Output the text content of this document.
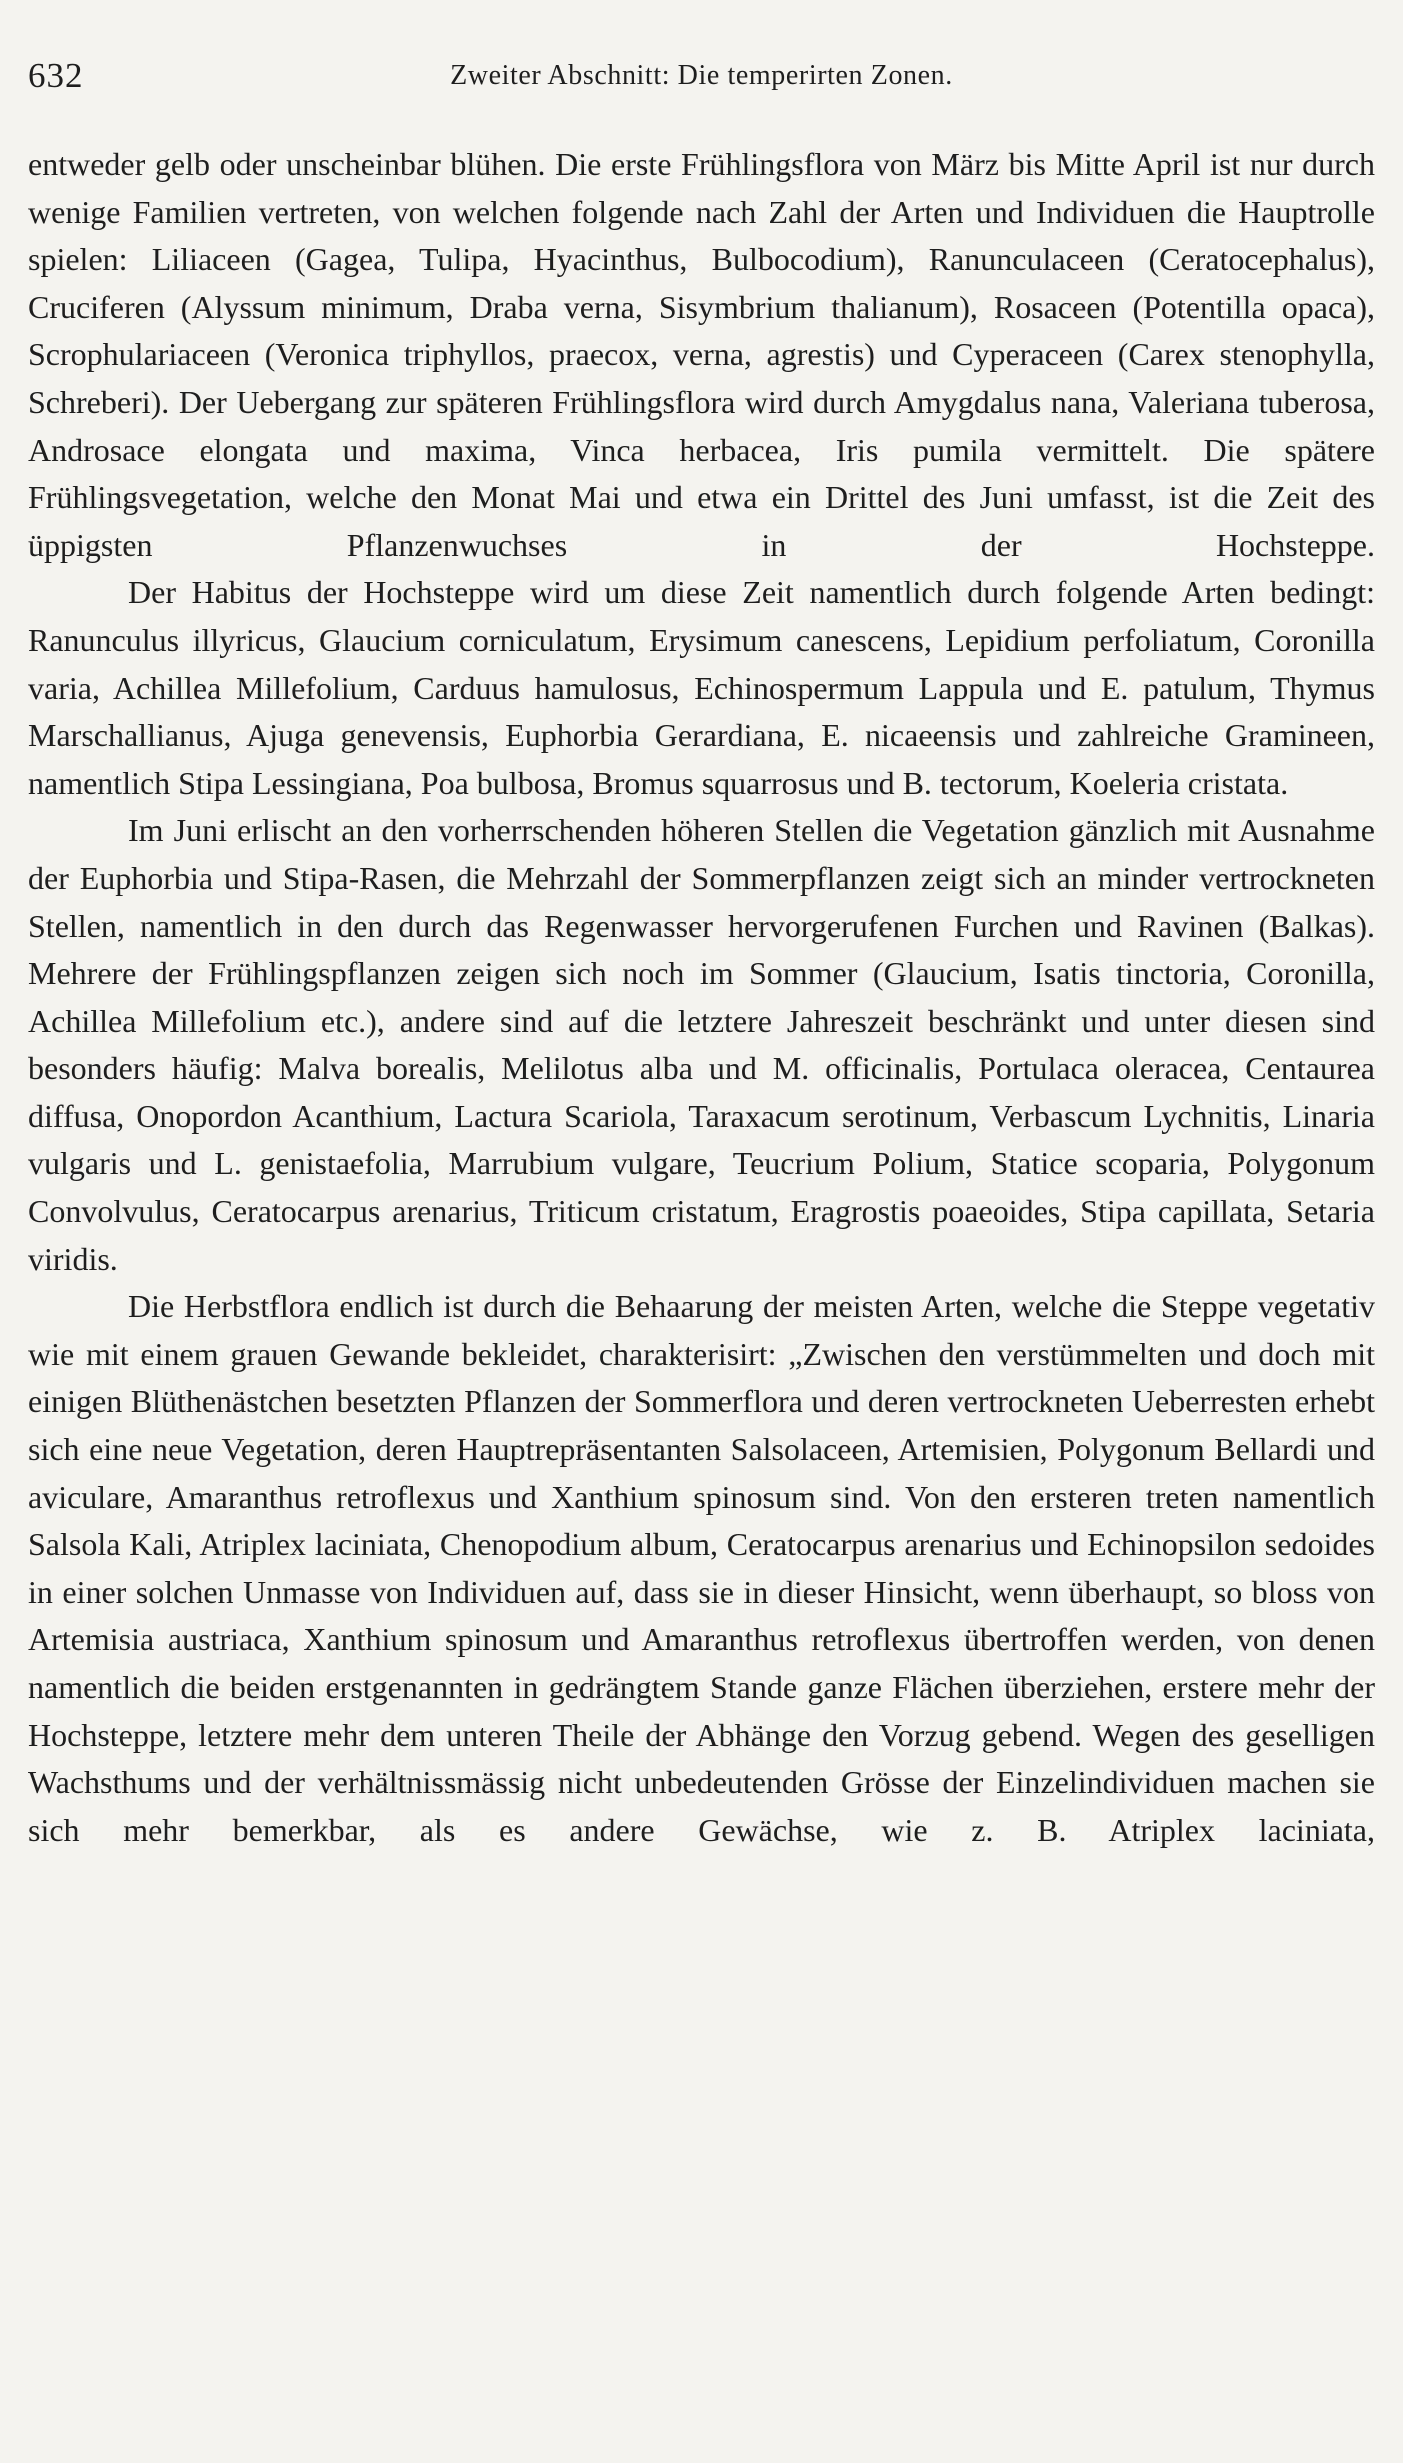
632	Zweiter Abschnitt: Die temperirten Zonen.

entweder gelb oder unscheinbar blühen. Die erste Frühlingsflora von März bis Mitte April ist nur durch wenige Familien vertreten, von welchen folgende nach Zahl der Arten und Individuen die Hauptrolle spielen: Liliaceen (Gagea, Tulipa, Hyacinthus, Bulbocodium), Ranunculaceen (Ceratocephalus), Cruciferen (Alyssum minimum, Draba verna, Sisymbrium thalianum), Rosaceen (Potentilla opaca), Scrophulariaceen (Veronica triphyllos, praecox, verna, agrestis) und Cyperaceen (Carex stenophylla, Schreberi). Der Uebergang zur späteren Frühlingsflora wird durch Amygdalus nana, Valeriana tuberosa, Androsace elongata und maxima, Vinca herbacea, Iris pumila vermittelt. Die spätere Frühlingsvegetation, welche den Monat Mai und etwa ein Drittel des Juni umfasst, ist die Zeit des üppigsten Pflanzenwuchses in der Hochsteppe.

Der Habitus der Hochsteppe wird um diese Zeit namentlich durch folgende Arten bedingt: Ranunculus illyricus, Glaucium corniculatum, Erysimum canescens, Lepidium perfoliatum, Coronilla varia, Achillea Millefolium, Carduus hamulosus, Echinospermum Lappula und E. patulum, Thymus Marschallianus, Ajuga genevensis, Euphorbia Gerardiana, E. nicaeensis und zahlreiche Gramineen, namentlich Stipa Lessingiana, Poa bulbosa, Bromus squarrosus und B. tectorum, Koeleria cristata.

Im Juni erlischt an den vorherrschenden höheren Stellen die Vegetation gänzlich mit Ausnahme der Euphorbia und Stipa-Rasen, die Mehrzahl der Sommerpflanzen zeigt sich an minder vertrockneten Stellen, namentlich in den durch das Regenwasser hervorgerufenen Furchen und Ravinen (Balkas). Mehrere der Frühlingspflanzen zeigen sich noch im Sommer (Glaucium, Isatis tinctoria, Coronilla, Achillea Millefolium etc.), andere sind auf die letztere Jahreszeit beschränkt und unter diesen sind besonders häufig: Malva borealis, Melilotus alba und M. officinalis, Portulaca oleracea, Centaurea diffusa, Onopordon Acanthium, Lactura Scariola, Taraxacum serotinum, Verbascum Lychnitis, Linaria vulgaris und L. genistaefolia, Marrubium vulgare, Teucrium Polium, Statice scoparia, Polygonum Convolvulus, Ceratocarpus arenarius, Triticum cristatum, Eragrostis poaeoides, Stipa capillata, Setaria viridis.

Die Herbstflora endlich ist durch die Behaarung der meisten Arten, welche die Steppe vegetativ wie mit einem grauen Gewande bekleidet, charakterisirt: „Zwischen den verstümmelten und doch mit einigen Blüthenästchen besetzten Pflanzen der Sommerflora und deren vertrockneten Ueberresten erhebt sich eine neue Vegetation, deren Hauptrepräsentanten Salsolaceen, Artemisien, Polygonum Bellardi und aviculare, Amaranthus retroflexus und Xanthium spinosum sind. Von den ersteren treten namentlich Salsola Kali, Atriplex laciniata, Chenopodium album, Ceratocarpus arenarius und Echinopsilon sedoides in einer solchen Unmasse von Individuen auf, dass sie in dieser Hinsicht, wenn überhaupt, so bloss von Artemisia austriaca, Xanthium spinosum und Amaranthus retroflexus übertroffen werden, von denen namentlich die beiden erstgenannten in gedrängtem Stande ganze Flächen überziehen, erstere mehr der Hochsteppe, letztere mehr dem unteren Theile der Abhänge den Vorzug gebend. Wegen des geselligen Wachsthums und der verhältnissmässig nicht unbedeutenden Grösse der Einzelindividuen machen sie sich mehr bemerkbar, als es andere Gewächse, wie z. B. Atriplex laciniata,
